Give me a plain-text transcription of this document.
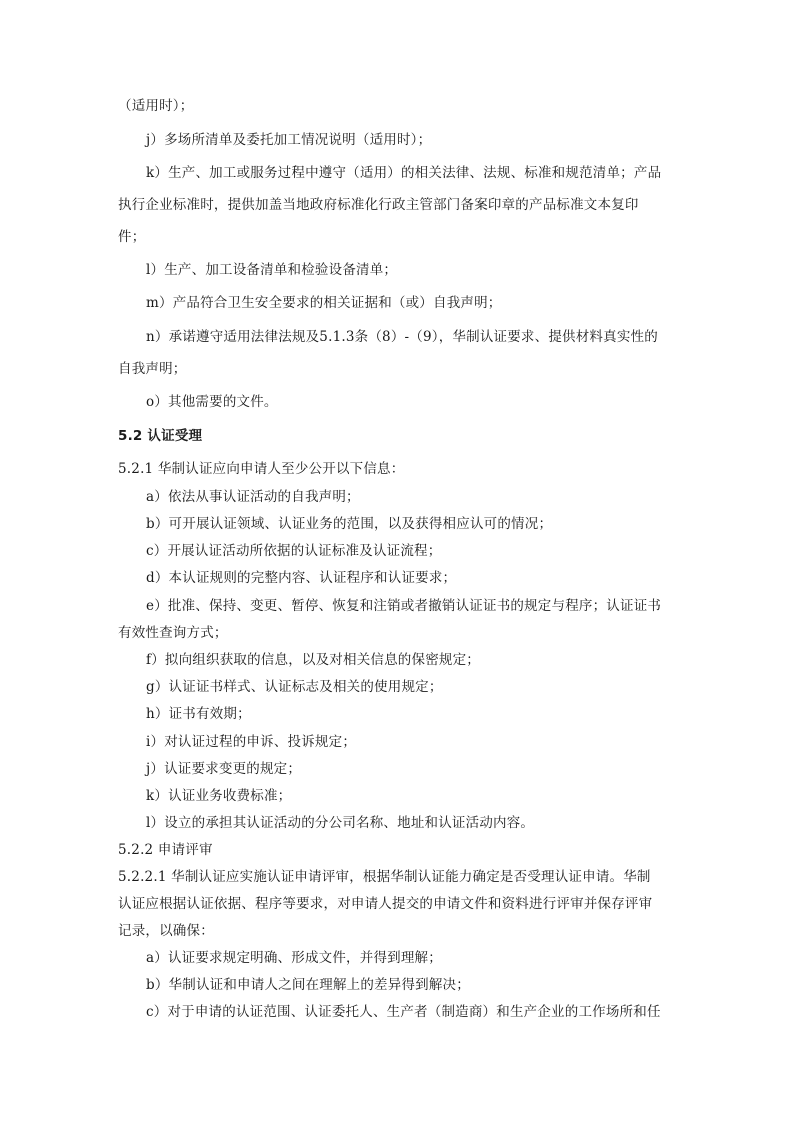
（适用时）；
j）多场所清单及委托加工情况说明（适用时）；
k）生产、加工或服务过程中遵守（适用）的相关法律、法规、标准和规范清单；产品
执行企业标准时，提供加盖当地政府标准化行政主管部门备案印章的产品标准文本复印
件；
l）生产、加工设备清单和检验设备清单；
m）产品符合卫生安全要求的相关证据和（或）自我声明；
n）承诺遵守适用法律法规及5.1.3条（8）-（9），华制认证要求、提供材料真实性的
自我声明；
o）其他需要的文件。
5.2 认证受理
5.2.1 华制认证应向申请人至少公开以下信息：
a）依法从事认证活动的自我声明；
b）可开展认证领域、认证业务的范围，以及获得相应认可的情况；
c）开展认证活动所依据的认证标准及认证流程；
d）本认证规则的完整内容、认证程序和认证要求；
e）批准、保持、变更、暂停、恢复和注销或者撤销认证证书的规定与程序；认证证书
有效性查询方式；
f）拟向组织获取的信息，以及对相关信息的保密规定；
g）认证证书样式、认证标志及相关的使用规定；
h）证书有效期；
i）对认证过程的申诉、投诉规定；
j）认证要求变更的规定；
k）认证业务收费标准；
l）设立的承担其认证活动的分公司名称、地址和认证活动内容。
5.2.2 申请评审
5.2.2.1 华制认证应实施认证申请评审，根据华制认证能力确定是否受理认证申请。华制
认证应根据认证依据、程序等要求，对申请人提交的申请文件和资料进行评审并保存评审
记录，以确保：
a）认证要求规定明确、形成文件，并得到理解；
b）华制认证和申请人之间在理解上的差异得到解决；
c）对于申请的认证范围、认证委托人、生产者（制造商）和生产企业的工作场所和任
